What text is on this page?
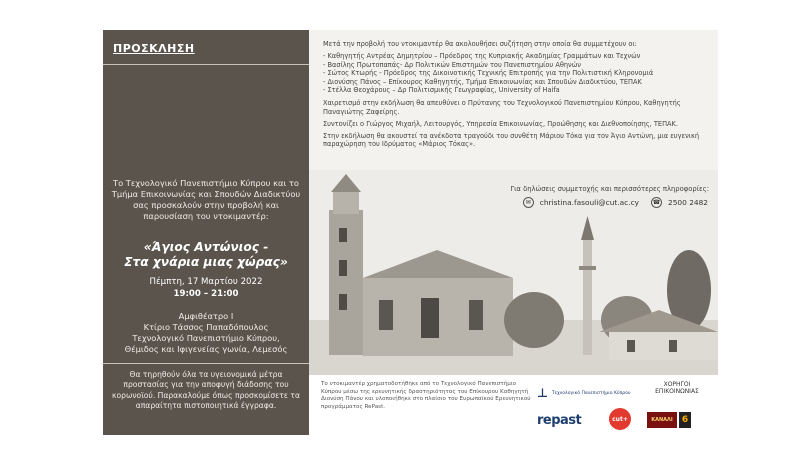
ΠΡΟΣΚΛΗΣΗ
Το Τεχνολογικό Πανεπιστήμιο Κύπρου και το Τμήμα Επικοινωνίας και Σπουδών Διαδικτύου σας προσκαλούν στην προβολή και παρουσίαση του ντοκιμαντέρ:
«Άγιος Αντώνιος -
Στα χνάρια μιας χώρας»
Πέμπτη, 17 Μαρτίου 2022
19:00 – 21:00
Αμφιθέατρο Ι
Κτίριο Τάσσος Παπαδόπουλος
Τεχνολογικό Πανεπιστήμιο Κύπρου,
Θέμιδος και Ιφιγενείας γωνία, Λεμεσός
Θα τηρηθούν όλα τα υγειονομικά μέτρα προστασίας για την αποφυγή διάδοσης του κορωνοϊού. Παρακαλούμε όπως προσκομίσετε τα απαραίτητα πιστοποιητικά έγγραφα.

Μετά την προβολή του ντοκιμαντέρ θα ακολουθήσει συζήτηση στην οποία θα συμμετέχουν οι:

- Καθηγητής Αντρέας Δημητρίου – Πρόεδρος της Κυπριακής Ακαδημίας Γραμμάτων και Τεχνών
- Βασίλης Πρωτοπαπάς- Δρ Πολιτικών Επιστημών του Πανεπιστημίου Αθηνών
- Σώτος Κτωρής - Πρόεδρος της Δικοινοτικής Τεχνικής Επιτροπής για την Πολιτιστική Κληρονομιά
- Διονύσης Πάνος – Επίκουρος Καθηγητής, Τμήμα Επικοινωνίας και Σπουδών Διαδικτύου, ΤΕΠΑΚ
- Στέλλα Θεοχάρους – Δρ Πολιτισμικής Γεωγραφίας, University of Haifa

Χαιρετισμό στην εκδήλωση θα απευθύνει ο Πρύτανης του Τεχνολογικού Πανεπιστημίου Κύπρου, Καθηγητής Παναγιώτης Ζαφείρης.

Συντονίζει ο Γιώργος Μιχαήλ, Λειτουργός, Υπηρεσία Επικοινωνίας, Προώθησης και Διεθνοποίησης, ΤΕΠΑΚ.

Στην εκδήλωση θα ακουστεί τα ανέκδοτα τραγούδι του συνθέτη Μάριου Τόκα για τον Άγιο Αντώνη, μια ευγενική παραχώρηση του Ιδρύματος «Μάριος Τόκας».

Για δηλώσεις συμμετοχής και περισσότερες πληροφορίες:
✉	christina.fasouli@cut.ac.cy ☎ 2500 2482
Το ντοκιμαντέρ χρηματοδοτήθηκε από το Τεχνολογικό Πανεπιστήμιο Κύπρου μέσω της ερευνητικής δραστηριότητας του Επίκουρου Καθηγητή Διονύση Πάνου και υλοποιήθηκε στο πλαίσιο του Ευρωπαϊκού Ερευνητικού προγράμματος RePast.
⊥ Τεχνολογικό Πανεπιστήμιο Κύπρου
repast	cut+
ΧΟΡΗΓΟΙ ΕΠΙΚΟΙΝΩΝΙΑΣ
ΚΑΝΑΛΙ	6
